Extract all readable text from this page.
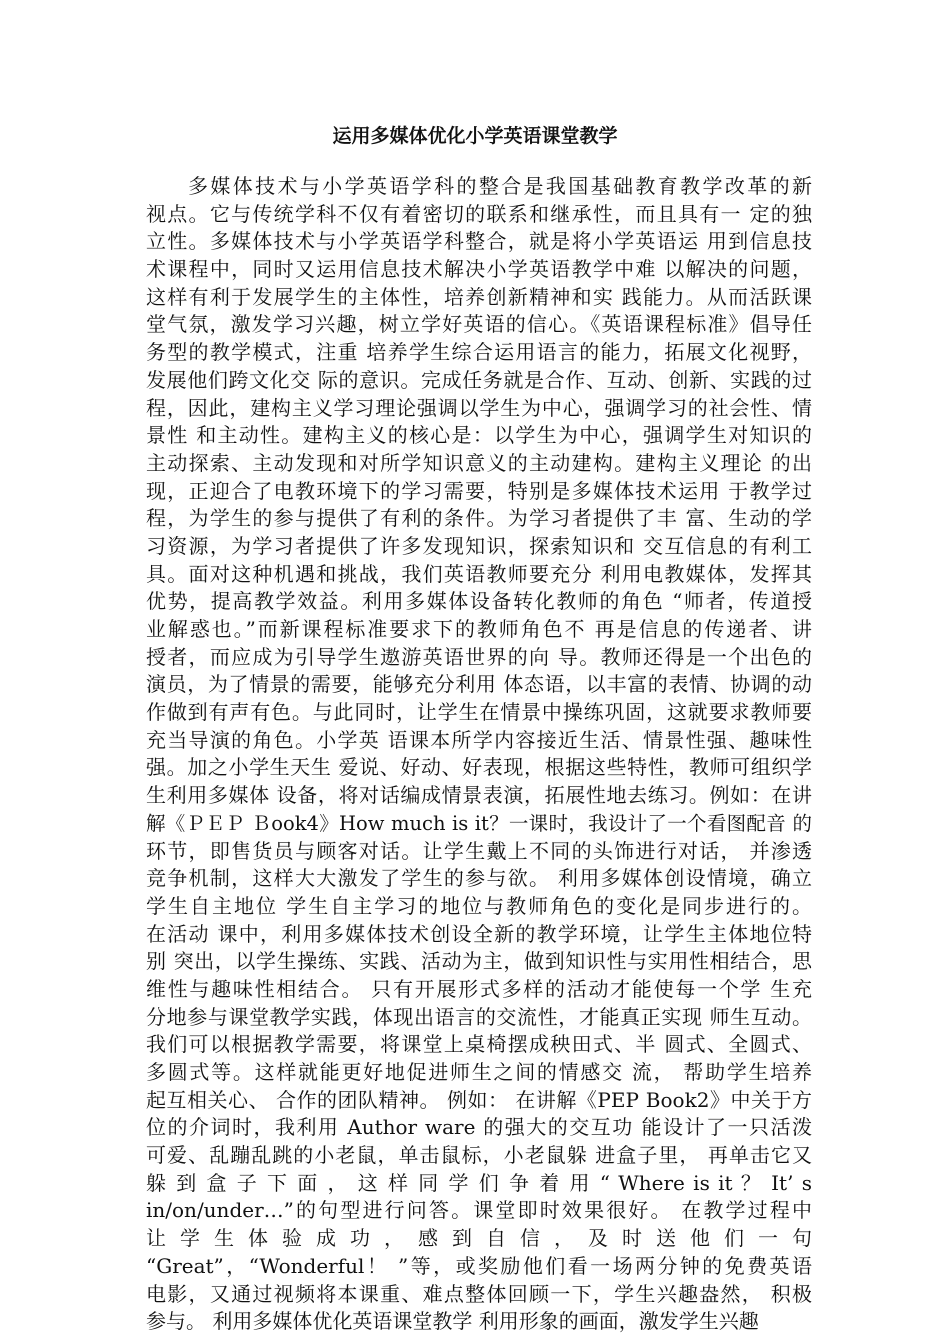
运用多媒体优化小学英语课堂教学
多媒体技术与小学英语学科的整合是我国基础教育教学改革的新
视点。它与传统学科不仅有着密切的联系和继承性，而且具有一 定的独
立性。多媒体技术与小学英语学科整合，就是将小学英语运 用到信息技
术课程中，同时又运用信息技术解决小学英语教学中难 以解决的问题，
这样有利于发展学生的主体性，培养创新精神和实 践能力。从而活跃课
堂气氛，激发学习兴趣，树立学好英语的信心。《英语课程标准》倡导任
务型的教学模式，注重 培养学生综合运用语言的能力，拓展文化视野，
发展他们跨文化交 际的意识。完成任务就是合作、互动、创新、实践的过
程，因此，建构主义学习理论强调以学生为中心，强调学习的社会性、情
景性 和主动性。建构主义的核心是：以学生为中心，强调学生对知识的
主动探索、主动发现和对所学知识意义的主动建构。建构主义理论 的出
现，正迎合了电教环境下的学习需要，特别是多媒体技术运用 于教学过
程，为学生的参与提供了有利的条件。为学习者提供了丰 富、生动的学
习资源，为学习者提供了许多发现知识，探索知识和 交互信息的有利工
具。面对这种机遇和挑战，我们英语教师要充分 利用电教媒体，发挥其
优势，提高教学效益。利用多媒体设备转化教师的角色 “师者，传道授
业解惑也。”而新课程标准要求下的教师角色不 再是信息的传递者、讲
授者，而应成为引导学生遨游英语世界的向 导。教师还得是一个出色的
演员，为了情景的需要，能够充分利用 体态语，以丰富的表情、协调的动
作做到有声有色。与此同时，让学生在情景中操练巩固，这就要求教师要
充当导演的角色。小学英 语课本所学内容接近生活、情景性强、趣味性
强。加之小学生天生 爱说、好动、好表现，根据这些特性，教师可组织学
生利用多媒体 设备，将对话编成情景表演，拓展性地去练习。例如：在讲
解《ＰＥＰ Ｂook4》How much is it？一课时，我设计了一个看图配音 的
环节，即售货员与顾客对话。让学生戴上不同的头饰进行对话， 并渗透
竞争机制，这样大大激发了学生的参与欲。 利用多媒体创设情境，确立
学生自主地位 学生自主学习的地位与教师角色的变化是同步进行的。
在活动 课中，利用多媒体技术创设全新的教学环境，让学生主体地位特
别 突出，以学生操练、实践、活动为主，做到知识性与实用性相结合，思
维性与趣味性相结合。 只有开展形式多样的活动才能使每一个学 生充
分地参与课堂教学实践，体现出语言的交流性，才能真正实现 师生互动。
我们可以根据教学需要，将课堂上桌椅摆成秧田式、半 圆式、全圆式、
多圆式等。这样就能更好地促进师生之间的情感交 流， 帮助学生培养
起互相关心、 合作的团队精神。 例如： 在讲解《PEP Book2》中关于方
位的介词时，我利用 Author ware 的强大的交互功 能设计了一只活泼
可爱、乱蹦乱跳的小老鼠，单击鼠标，小老鼠躲 进盒子里， 再单击它又
躲 到 盒 子 下 面 ， 这 样 同 学 们 争 着 用 “ Where is it ？ It’ s
in/on/under…”的句型进行问答。课堂即时效果很好。 在教学过程中
让 学 生 体 验 成 功 ， 感 到 自 信 ， 及 时 送 他 们 一 句
“Great”，“Wonderful！ ”等，或奖励他们看一场两分钟的免费英语
电影，又通过视频将本课重、难点整体回顾一下，学生兴趣盎然， 积极
参与。 利用多媒体优化英语课堂教学 利用形象的画面，激发学生兴趣
